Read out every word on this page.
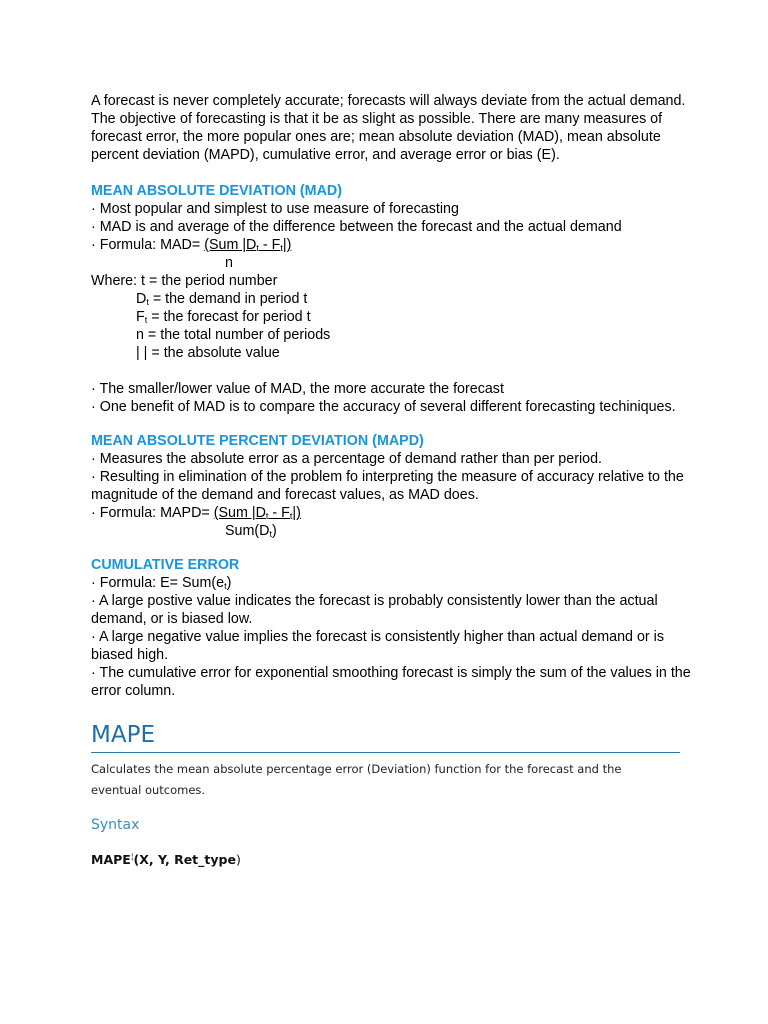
A forecast is never completely accurate; forecasts will always deviate from the actual demand. The objective of forecasting is that it be as slight as possible. There are many measures of forecast error, the more popular ones are; mean absolute deviation (MAD), mean absolute percent deviation (MAPD), cumulative error, and average error or bias (E).

MEAN ABSOLUTE DEVIATION (MAD)

· Most popular and simplest to use measure of forecasting

· MAD is and average of the difference between the forecast and the actual demand

· Formula: MAD= (Sum $|D_t - F_t|$)

n

Where: t = the period number

$D_t$ = the demand in period t

$F_t$ = the forecast for period t

n = the total number of periods

| | = the absolute value

· The smaller/lower value of MAD, the more accurate the forecast

· One benefit of MAD is to compare the accuracy of several different forecasting techiniques.

MEAN ABSOLUTE PERCENT DEVIATION (MAPD)

· Measures the absolute error as a percentage of demand rather than per period.

· Resulting in elimination of the problem fo interpreting the measure of accuracy relative to the magnitude of the demand and forecast values, as MAD does.

· Formula: MAPD= (Sum $|D_t - F_t|$)

$Sum(D_t)$

CUMULATIVE ERROR

· Formula: $E= Sum(e_t)$

· A large postive value indicates the forecast is probably consistently lower than the actual demand, or is biased low.

· A large negative value implies the forecast is consistently higher than actual demand or is biased high.

· The cumulative error for exponential smoothing forecast is simply the sum of the values in the error column.

MAPE

Calculates the mean absolute percentage error (Deviation) function for the forecast and the eventual outcomes.

Syntax

MAPE¦(X, Y, Ret_type)
